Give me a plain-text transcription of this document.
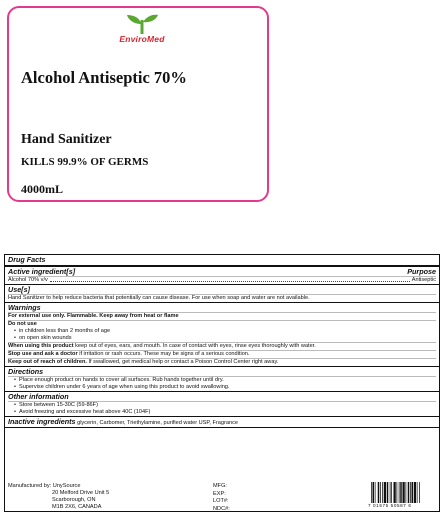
EnviroMed
Alcohol Antiseptic 70%
Hand Sanitizer
KILLS 99.9% OF GERMS
4000mL
Drug Facts
Active ingredient[s]	Purpose
Alcohol 70% v/v	Antiseptic
Use[s]
Hand Sanitizer to help reduce bacteria that potentially can cause disease. For use when soap and water are not available.
Warnings
For external use only. Flammable. Keep away from heat or flame
Do not use
• in children less than 2 months of age
• on open skin wounds
When using this product keep out of eyes, ears, and mouth. In case of contact with eyes, rinse eyes thoroughly with water.
Stop use and ask a doctor if irritation or rash occurs. These may be signs of a serious condition.
Keep out of reach of children. If swallowed, get medical help or contact a Poison Control Center right away.
Directions
• Place enough product on hands to cover all surfaces. Rub hands together until dry.
• Supervise children under 6 years of age when using this product to avoid swallowing.
Other information
• Store between 15-30C (59-86F)
• Avoid freezing and excessive heat above 40C (104F)
Inactive ingredients glycerin, Carbomer, Triethylamine, purified water USP, Fragrance
Manufactured by: UnySource
20 Melford Drive Unit 5
Scarborough, ON
M1B 2X6, CANADA
MFG:
EXP:
LOT#:
NDC#:
7 01575 50587 6
